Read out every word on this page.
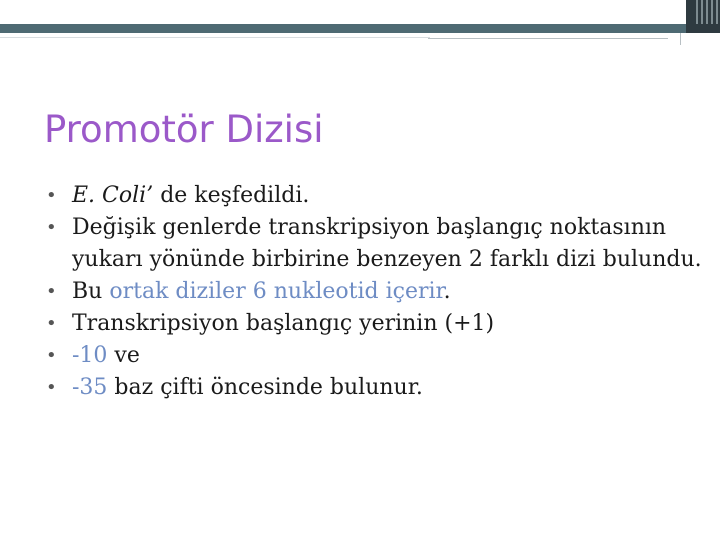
Promotör Dizisi
• E. Coli’ de keşfedildi.
• Değişik genlerde transkripsiyon başlangıç noktasının yukarı yönünde birbirine benzeyen 2 farklı dizi bulundu.
• Bu ortak diziler 6 nukleotid içerir.
• Transkripsiyon başlangıç yerinin (+1)
• -10 ve
• -35 baz çifti öncesinde bulunur.
